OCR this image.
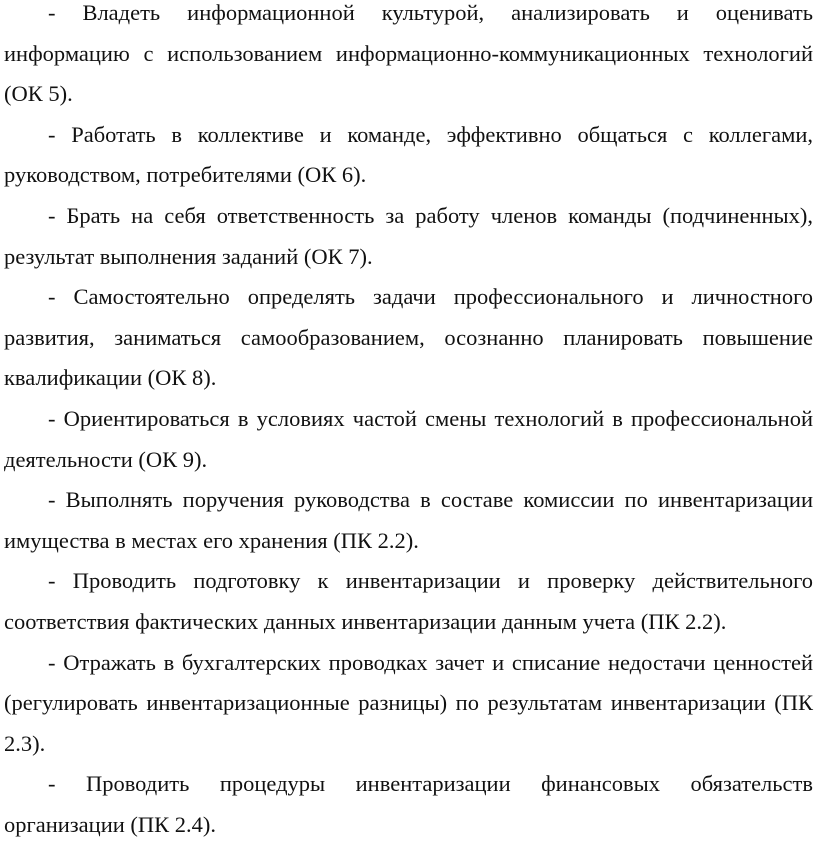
- Владеть информационной культурой, анализировать и оценивать информацию с использованием информационно-коммуникационных технологий (ОК 5).

- Работать в коллективе и команде, эффективно общаться с коллегами, руководством, потребителями (ОК 6).

- Брать на себя ответственность за работу членов команды (подчиненных), результат выполнения заданий (ОК 7).

- Самостоятельно определять задачи профессионального и личностного развития, заниматься самообразованием, осознанно планировать повышение квалификации (ОК 8).

- Ориентироваться в условиях частой смены технологий в профессиональной деятельности (ОК 9).

- Выполнять поручения руководства в составе комиссии по инвентаризации имущества в местах его хранения (ПК 2.2).

- Проводить подготовку к инвентаризации и проверку действительного соответствия фактических данных инвентаризации данным учета (ПК 2.2).

- Отражать в бухгалтерских проводках зачет и списание недостачи ценностей (регулировать инвентаризационные разницы) по результатам инвентаризации (ПК 2.3).

- Проводить процедуры инвентаризации финансовых обязательств организации (ПК 2.4).
